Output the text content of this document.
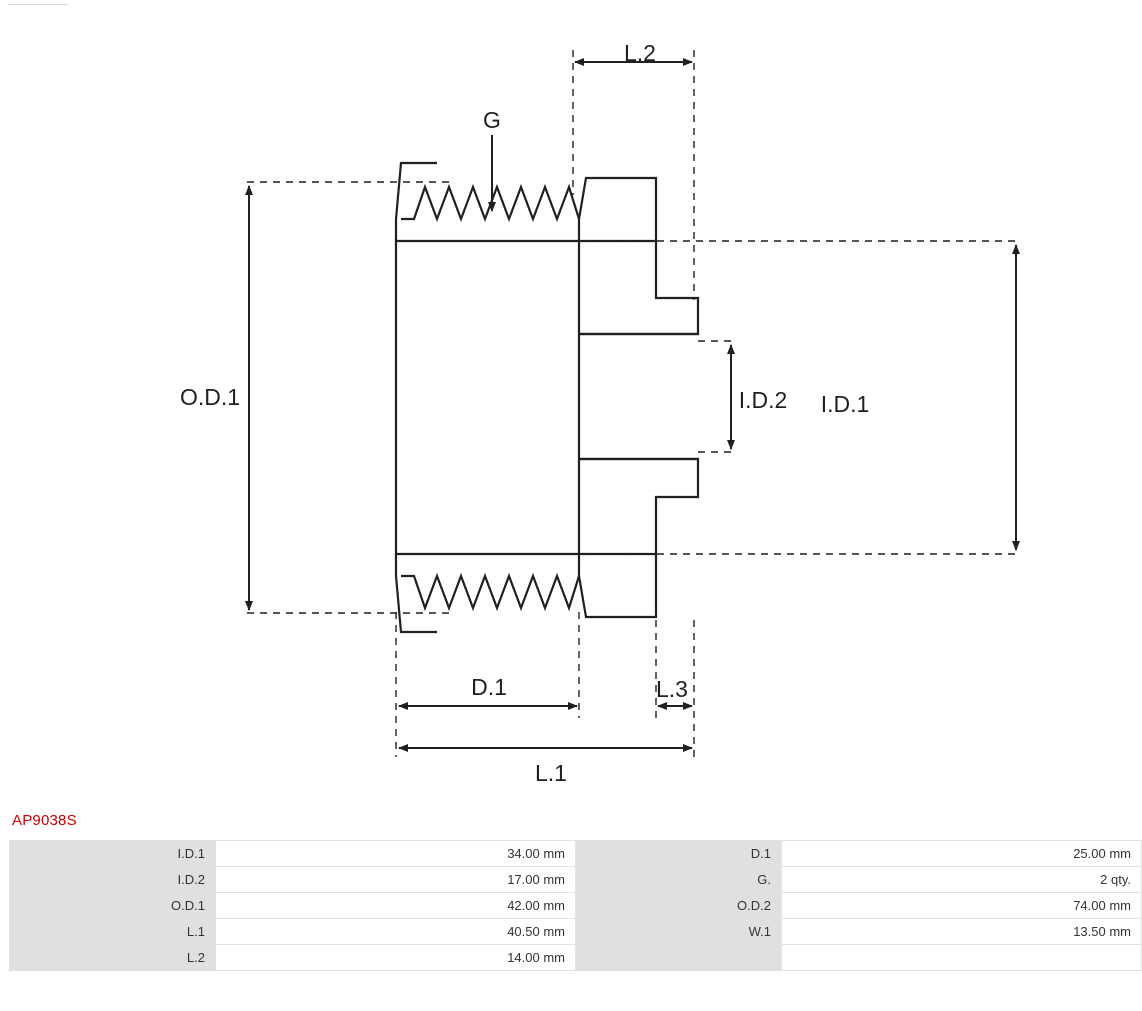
L.2
G
O.D.1	I.D.2 I.D.1
D.1	L.3
L.1
AP9038S
I.D.1	34.00 mm	D.1	25.00 mm
I.D.2	17.00 mm	G.	2 qty.
O.D.1	42.00 mm	O.D.2	74.00 mm
L.1	40.50 mm	W.1	13.50 mm
L.2	14.00 mm		
